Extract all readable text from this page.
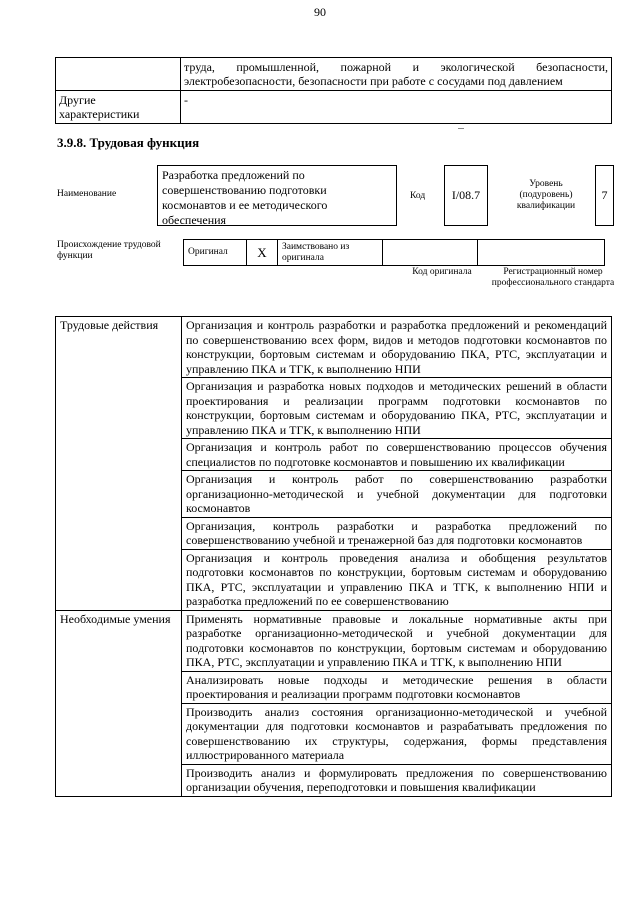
90
	труда, промышленной, пожарной и экологической безопасности, электробезопасности, безопасности при работе с сосудами под давлением
Другие характеристики	-
3.9.8. Трудовая функция
Наименование
Разработка предложений по совершенствованию подготовки космонавтов и ее методического обеспечения
Код	I/08.7
Уровень (подуровень) квалификации
7
Происхождение трудовой функции	Оригинал	X	Заимствовано из оригинала		
Код оригинала	Регистрационный номер профессионального стандарта
Трудовые действия	Организация и контроль разработки и разработка предложений и рекомендаций по совершенствованию всех форм, видов и методов подготовки космонавтов по конструкции, бортовым системам и оборудованию ПКА, РТС, эксплуатации и управлению ПКА и ТГК, к выполнению НПИ
	Организация и разработка новых подходов и методических решений в области проектирования и реализации программ подготовки космонавтов по конструкции, бортовым системам и оборудованию ПКА, РТС, эксплуатации и управлению ПКА и ТГК, к выполнению НПИ
	Организация и контроль работ по совершенствованию процессов обучения специалистов по подготовке космонавтов и повышению их квалификации
	Организация и контроль работ по совершенствованию разработки организационно-методической и учебной документации для подготовки космонавтов
	Организация, контроль разработки и разработка предложений по совершенствованию учебной и тренажерной баз для подготовки космонавтов
	Организация и контроль проведения анализа и обобщения результатов подготовки космонавтов по конструкции, бортовым системам и оборудованию ПКА, РТС, эксплуатации и управлению ПКА и ТГК, к выполнению НПИ и разработка предложений по ее совершенствованию
Необходимые умения	Применять нормативные правовые и локальные нормативные акты при разработке организационно-методической и учебной документации для подготовки космонавтов по конструкции, бортовым системам и оборудованию ПКА, РТС, эксплуатации и управлению ПКА и ТГК, к выполнению НПИ
	Анализировать новые подходы и методические решения в области проектирования и реализации программ подготовки космонавтов
	Производить анализ состояния организационно-методической и учебной документации для подготовки космонавтов и разрабатывать предложения по совершенствованию их структуры, содержания, формы представления иллюстрированного материала
	Производить анализ и формулировать предложения по совершенствованию организации обучения, переподготовки и повышения квалификации
